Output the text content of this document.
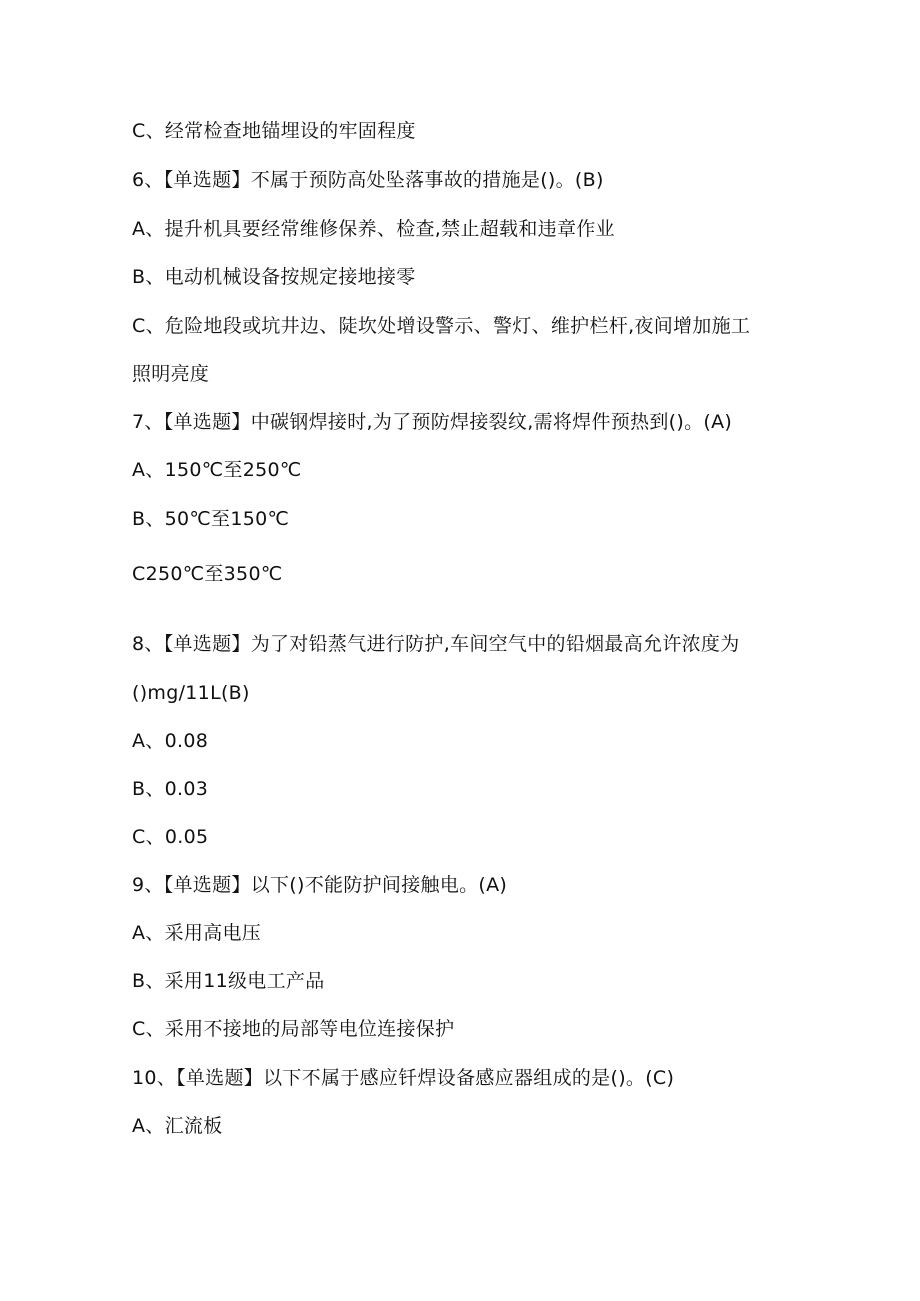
C、经常检查地锚埋设的牢固程度
6、【单选题】不属于预防高处坠落事故的措施是()。(B)
A、提升机具要经常维修保养、检查,禁止超载和违章作业
B、电动机械设备按规定接地接零
C、危险地段或坑井边、陡坎处增设警示、警灯、维护栏杆,夜间增加施工
照明亮度
7、【单选题】中碳钢焊接时,为了预防焊接裂纹,需将焊件预热到()。(A)
A、150℃至250℃
B、50℃至150℃
C250℃至350℃
8、【单选题】为了对铅蒸气进行防护,车间空气中的铅烟最高允许浓度为
()mg∕11L(B)
A、0.08
B、0.03
C、0.05
9、【单选题】以下()不能防护间接触电。(A)
A、采用高电压
B、采用11级电工产品
C、采用不接地的局部等电位连接保护
10、【单选题】以下不属于感应钎焊设备感应器组成的是()。(C)
A、汇流板
